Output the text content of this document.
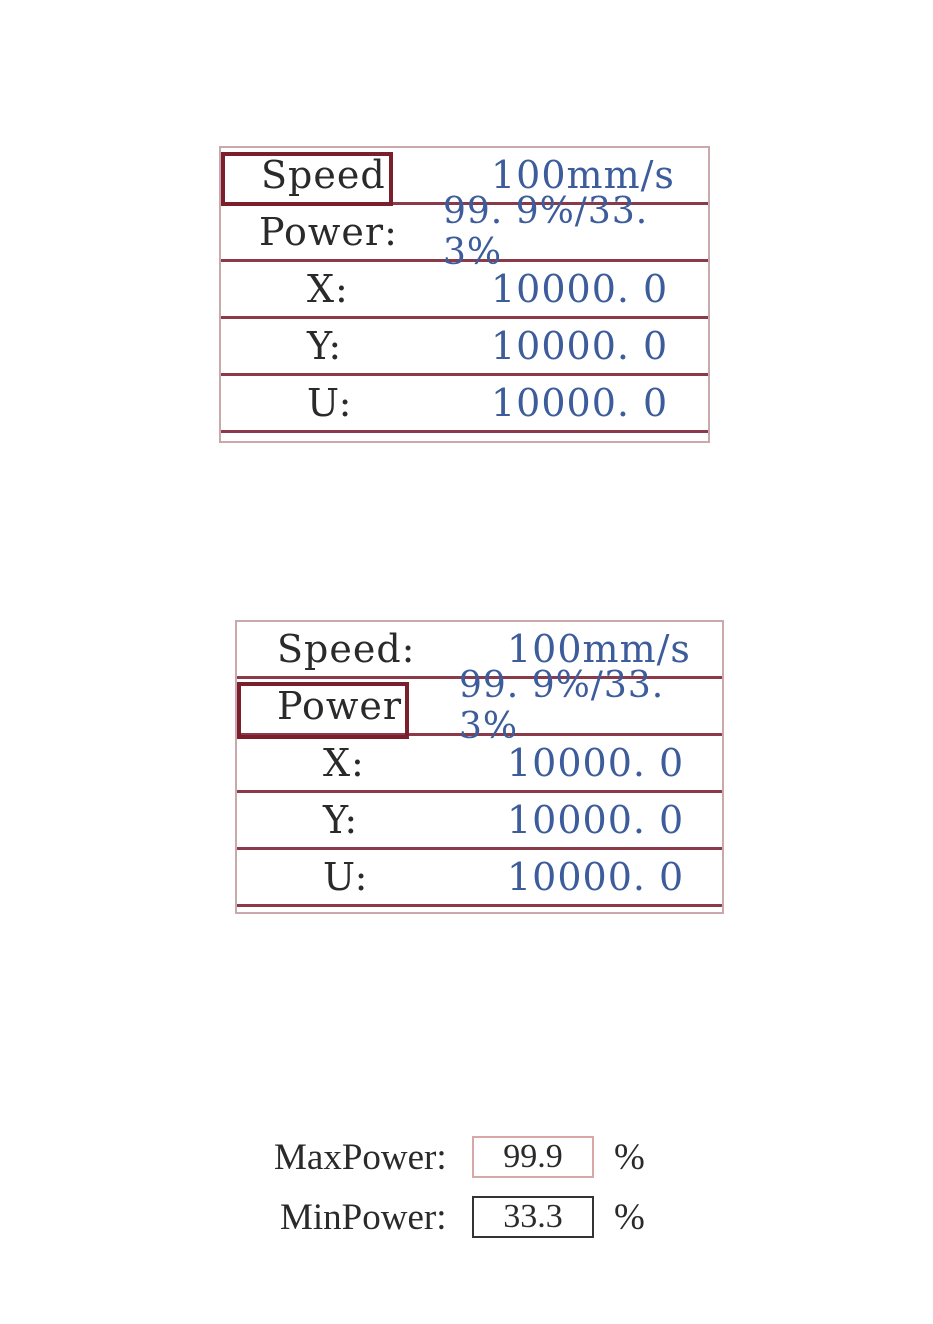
Speed	100mm/s
Power: 99. 9%/33. 3%
X:	10000. 0
Y:	10000. 0
U:	10000. 0
Speed: 100mm/s
Power 99. 9%/33. 3%
X:	10000. 0
Y:	10000. 0
U:	10000. 0
MaxPower:	99.9	%
MinPower:	33.3	%
